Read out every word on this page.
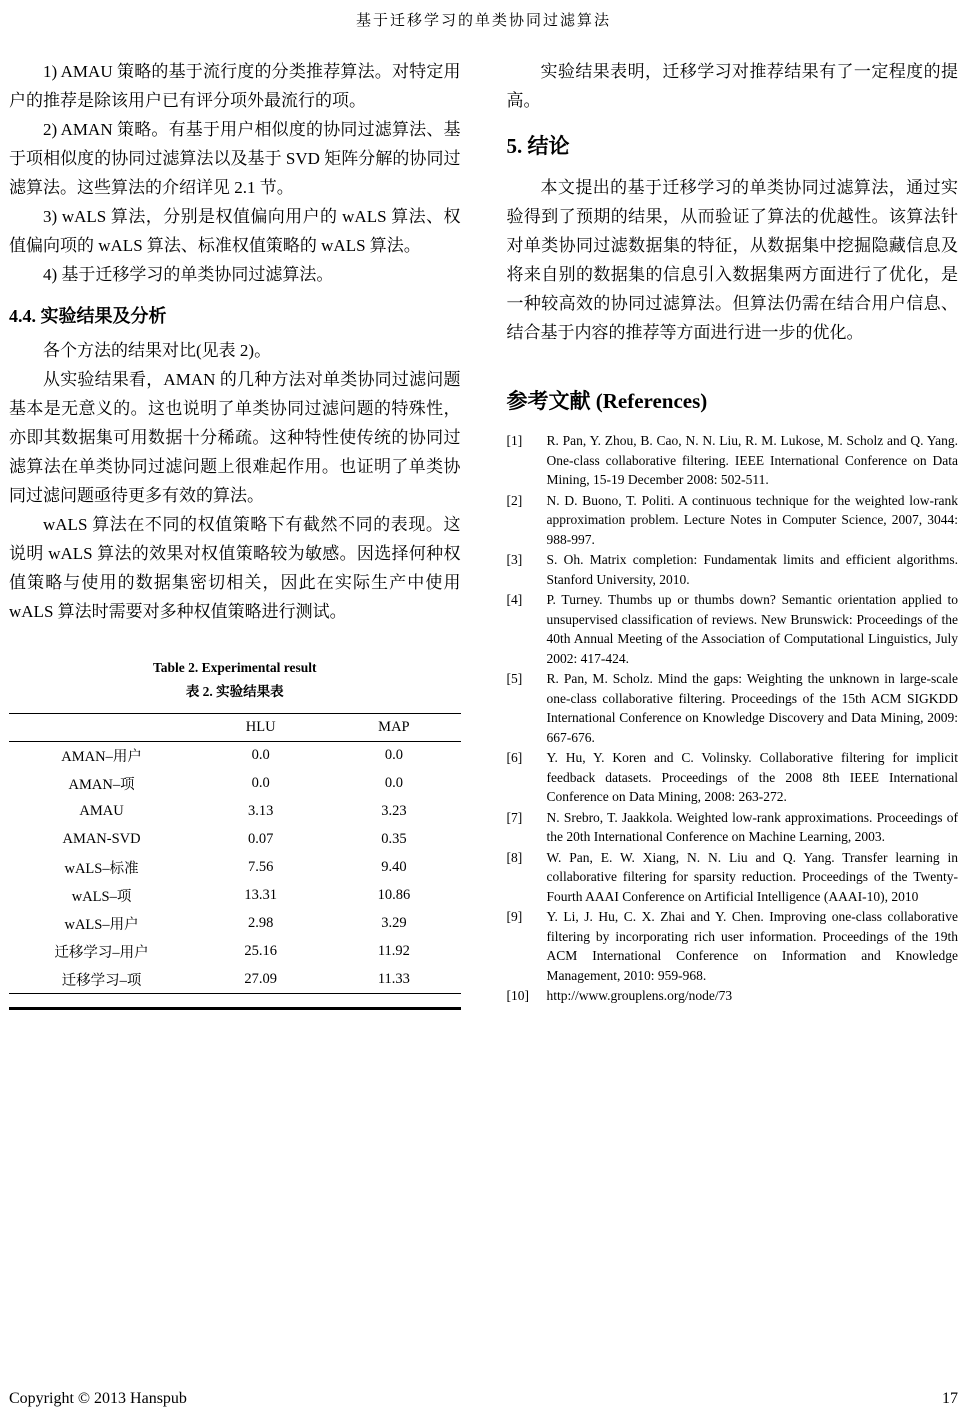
基于迁移学习的单类协同过滤算法

1) AMAU 策略的基于流行度的分类推荐算法。对特定用户的推荐是除该用户已有评分项外最流行的项。

2) AMAN 策略。有基于用户相似度的协同过滤算法、基于项相似度的协同过滤算法以及基于 SVD 矩阵分解的协同过滤算法。这些算法的介绍详见 2.1 节。

3) wALS 算法，分别是权值偏向用户的 wALS 算法、权值偏向项的 wALS 算法、标准权值策略的 wALS 算法。

4) 基于迁移学习的单类协同过滤算法。

4.4. 实验结果及分析

各个方法的结果对比(见表 2)。

从实验结果看，AMAN 的几种方法对单类协同过滤问题基本是无意义的。这也说明了单类协同过滤问题的特殊性，亦即其数据集可用数据十分稀疏。这种特性使传统的协同过滤算法在单类协同过滤问题上很难起作用。也证明了单类协同过滤问题亟待更多有效的算法。

wALS 算法在不同的权值策略下有截然不同的表现。这说明 wALS 算法的效果对权值策略较为敏感。因选择何种权值策略与使用的数据集密切相关，因此在实际生产中使用 wALS 算法时需要对多种权值策略进行测试。

Table 2. Experimental result
表 2. 实验结果表
	HLU	MAP
AMAN–用户	0.0	0.0
AMAN–项	0.0	0.0
AMAU	3.13	3.23
AMAN-SVD	0.07	0.35
wALS–标准	7.56	9.40
wALS–项	13.31	10.86
wALS–用户	2.98	3.29
迁移学习–用户	25.16	11.92
迁移学习–项	27.09	11.33

实验结果表明，迁移学习对推荐结果有了一定程度的提高。

5. 结论

本文提出的基于迁移学习的单类协同过滤算法，通过实验得到了预期的结果，从而验证了算法的优越性。该算法针对单类协同过滤数据集的特征，从数据集中挖掘隐藏信息及将来自别的数据集的信息引入数据集两方面进行了优化，是一种较高效的协同过滤算法。但算法仍需在结合用户信息、结合基于内容的推荐等方面进行进一步的优化。

参考文献 (References)
[1]	R. Pan, Y. Zhou, B. Cao, N. N. Liu, R. M. Lukose, M. Scholz and Q. Yang. One-class collaborative filtering. IEEE International Conference on Data Mining, 15-19 December 2008: 502-511.
[2]	N. D. Buono, T. Politi. A continuous technique for the weighted low-rank approximation problem. Lecture Notes in Computer Science, 2007, 3044: 988-997.
[3]	S. Oh. Matrix completion: Fundamentak limits and efficient algorithms. Stanford University, 2010.
[4]	P. Turney. Thumbs up or thumbs down? Semantic orientation applied to unsupervised classification of reviews. New Brunswick: Proceedings of the 40th Annual Meeting of the Association of Computational Linguistics, July 2002: 417-424.
[5]	R. Pan, M. Scholz. Mind the gaps: Weighting the unknown in large-scale one-class collaborative filtering. Proceedings of the 15th ACM SIGKDD International Conference on Knowledge Discovery and Data Mining, 2009: 667-676.
[6]	Y. Hu, Y. Koren and C. Volinsky. Collaborative filtering for implicit feedback datasets. Proceedings of the 2008 8th IEEE International Conference on Data Mining, 2008: 263-272.
[7]	N. Srebro, T. Jaakkola. Weighted low-rank approximations. Proceedings of the 20th International Conference on Machine Learning, 2003.
[8]	W. Pan, E. W. Xiang, N. N. Liu and Q. Yang. Transfer learning in collaborative filtering for sparsity reduction. Proceedings of the Twenty-Fourth AAAI Conference on Artificial Intelligence (AAAI-10), 2010
[9]	Y. Li, J. Hu, C. X. Zhai and Y. Chen. Improving one-class collaborative filtering by incorporating rich user information. Proceedings of the 19th ACM International Conference on Information and Knowledge Management, 2010: 959-968.
[10]	http://www.grouplens.org/node/73
Copyright © 2013 Hanspub	17
